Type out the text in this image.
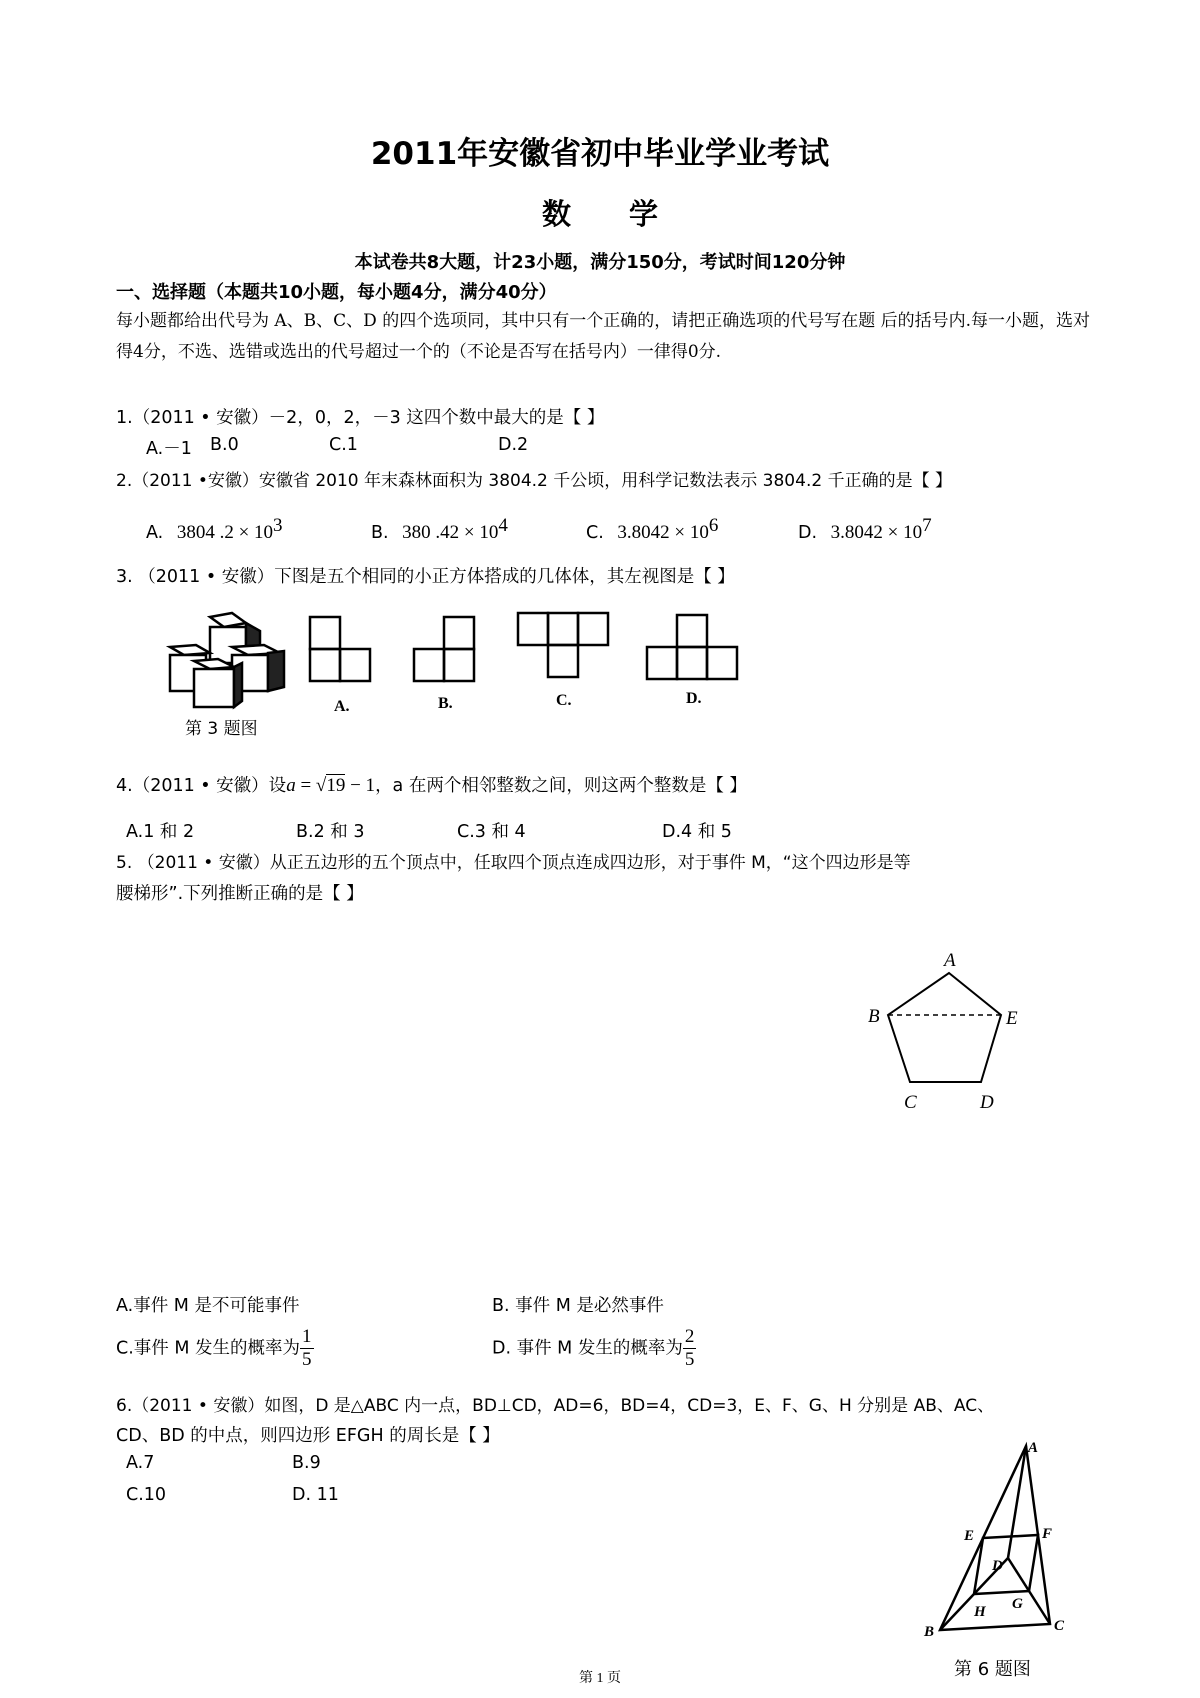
2011年安徽省初中毕业学业考试
数学
本试卷共8大题，计23小题，满分150分，考试时间120分钟
一、选择题（本题共10小题，每小题4分，满分40分）
每小题都给出代号为 A、B、C、D 的四个选项同，其中只有一个正确的，请把正确选项的代号写在题 后的括号内.每一小题，选对得4分，不选、选错或选出的代号超过一个的（不论是否写在括号内）一律得0分.
1.（2011 • 安徽）－2，0，2，－3 这四个数中最大的是【 】
A.－1 B.0	C.1	D.2
2.（2011 •安徽）安徽省 2010 年末森林面积为 3804.2 千公顷，用科学记数法表示 3804.2 千正确的是【 】
A. 3804 $.2 \times 10^3$	B. 380 $.42 \times 10^4$	C. $3.8042 \times 10^6$	D. $3.8042 \times 10^7$
3. （2011 • 安徽）下图是五个相同的小正方体搭成的几体体，其左视图是【 】
A.	B.	C.	D.
第 3 题图
4.（2011 • 安徽）设a = √19 − 1，a 在两个相邻整数之间，则这两个整数是【 】
A.1 和 2	B.2 和 3	C.3 和 4	D.4 和 5
5. （2011 • 安徽）从正五边形的五个顶点中，任取四个顶点连成四边形，对于事件 M，“这个四边形是等
腰梯形”.下列推断正确的是【 】
A
B	E
C	D
A.事件 M 是不可能事件	B. 事件 M 是必然事件
C.事件 M 发生的概率为 $\frac{1}{5}$	D. 事件 M 发生的概率为 $\frac{2}{5}$
6.（2011 • 安徽）如图，D 是△ABC 内一点，BD⊥CD，AD=6，BD=4，CD=3，E、F、G、H 分别是 AB、AC、
CD、BD 的中点，则四边形 EFGH 的周长是【 】
A.7	B.9
C.10	D. 11
A
E	F
D
H G
B	C
第 6 题图
第 1 页
